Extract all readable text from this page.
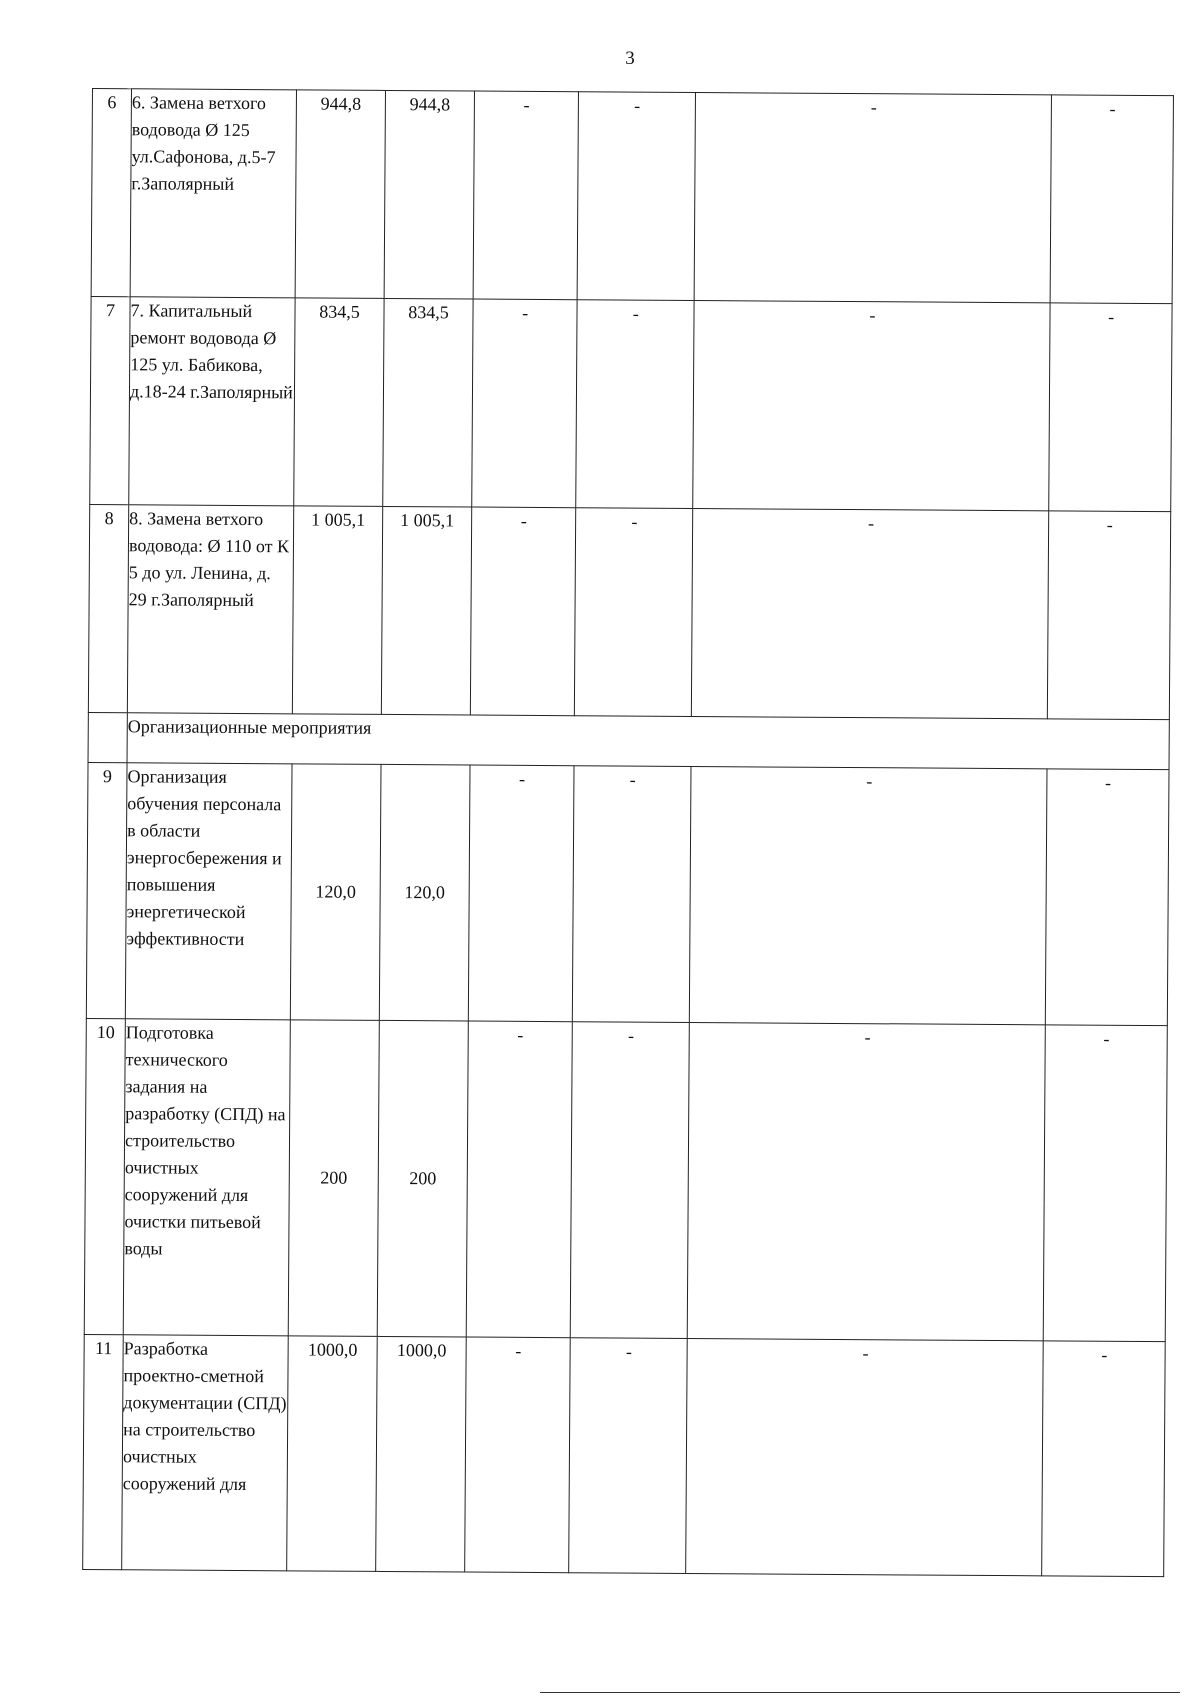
3
6	6. Замена ветхого водовода Ø 125 ул.Сафонова, д.5-7 г.Заполярный	944,8	944,8	-	-	-	-
7	7. Капитальный ремонт водовода Ø 125 ул. Бабикова, д.18-24 г.Заполярный	834,5	834,5	-	-	-	-
8	8. Замена ветхого водовода: Ø 110 от К 5 до ул. Ленина, д. 29 г.Заполярный	1 005,1	1 005,1	-	-	-	-
	Организационные мероприятия						
9	Организация обучения персонала в области энергосбережения и повышения энергетической эффективности	120,0	120,0	-	-	-	-
10	Подготовка технического задания на разработку (СПД) на строительство очистных сооружений для очистки питьевой воды	200	200	-	-	-	-
11	Разработка проектно-сметной документации (СПД) на строительство очистных сооружений для	1000,0	1000,0	-	-	-	-
